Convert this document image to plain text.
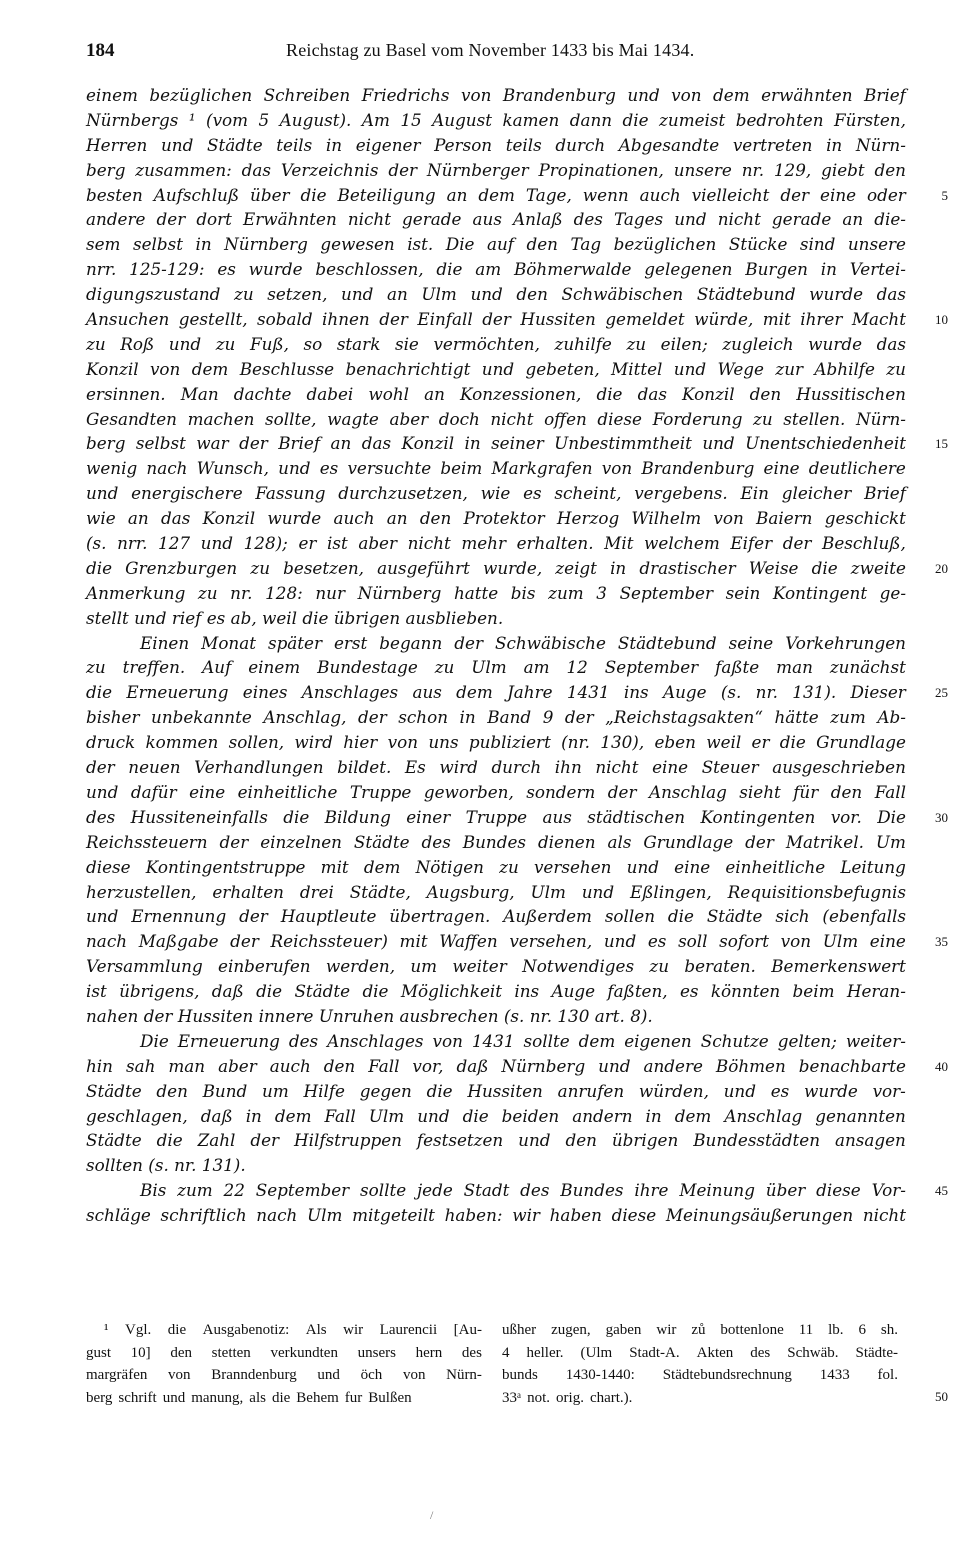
184	Reichstag zu Basel vom November 1433 bis Mai 1434.
einem bezüglichen Schreiben Friedrichs von Brandenburg und von dem erwähnten Brief
Nürnbergs ¹ (vom 5 August). Am 15 August kamen dann die zumeist bedrohten Fürsten,
Herren und Städte teils in eigener Person teils durch Abgesandte vertreten in Nürn-
berg zusammen: das Verzeichnis der Nürnberger Propinationen, unsere nr. 129, giebt den
besten Aufschluß über die Beteiligung an dem Tage, wenn auch vielleicht der eine oder	5
andere der dort Erwähnten nicht gerade aus Anlaß des Tages und nicht gerade an die-
sem selbst in Nürnberg gewesen ist. Die auf den Tag bezüglichen Stücke sind unsere
nrr. 125-129: es wurde beschlossen, die am Böhmerwalde gelegenen Burgen in Vertei-
digungszustand zu setzen, und an Ulm und den Schwäbischen Städtebund wurde das
Ansuchen gestellt, sobald ihnen der Einfall der Hussiten gemeldet würde, mit ihrer Macht 10
zu Roß und zu Fuß, so stark sie vermöchten, zuhilfe zu eilen; zugleich wurde das
Konzil von dem Beschlusse benachrichtigt und gebeten, Mittel und Wege zur Abhilfe zu
ersinnen. Man dachte dabei wohl an Konzessionen, die das Konzil den Hussitischen
Gesandten machen sollte, wagte aber doch nicht offen diese Forderung zu stellen. Nürn-
berg selbst war der Brief an das Konzil in seiner Unbestimmtheit und Unentschiedenheit 15
wenig nach Wunsch, und es versuchte beim Markgrafen von Brandenburg eine deutlichere
und energischere Fassung durchzusetzen, wie es scheint, vergebens. Ein gleicher Brief
wie an das Konzil wurde auch an den Protektor Herzog Wilhelm von Baiern geschickt
(s. nrr. 127 und 128); er ist aber nicht mehr erhalten. Mit welchem Eifer der Beschluß,
die Grenzburgen zu besetzen, ausgeführt wurde, zeigt in drastischer Weise die zweite 20
Anmerkung zu nr. 128: nur Nürnberg hatte bis zum 3 September sein Kontingent ge-
stellt und rief es ab, weil die übrigen ausblieben.
Einen Monat später erst begann der Schwäbische Städtebund seine Vorkehrungen
zu treffen. Auf einem Bundestage zu Ulm am 12 September faßte man zunächst
die Erneuerung eines Anschlages aus dem Jahre 1431 ins Auge (s. nr. 131). Dieser 25
bisher unbekannte Anschlag, der schon in Band 9 der „Reichstagsakten“ hätte zum Ab-
druck kommen sollen, wird hier von uns publiziert (nr. 130), eben weil er die Grundlage
der neuen Verhandlungen bildet. Es wird durch ihn nicht eine Steuer ausgeschrieben
und dafür eine einheitliche Truppe geworben, sondern der Anschlag sieht für den Fall
des Hussiteneinfalls die Bildung einer Truppe aus städtischen Kontingenten vor. Die 30
Reichssteuern der einzelnen Städte des Bundes dienen als Grundlage der Matrikel. Um
diese Kontingentstruppe mit dem Nötigen zu versehen und eine einheitliche Leitung
herzustellen, erhalten drei Städte, Augsburg, Ulm und Eßlingen, Requisitionsbefugnis
und Ernennung der Hauptleute übertragen. Außerdem sollen die Städte sich (ebenfalls
nach Maßgabe der Reichssteuer) mit Waffen versehen, und es soll sofort von Ulm eine 35
Versammlung einberufen werden, um weiter Notwendiges zu beraten. Bemerkenswert
ist übrigens, daß die Städte die Möglichkeit ins Auge faßten, es könnten beim Heran-
nahen der Hussiten innere Unruhen ausbrechen (s. nr. 130 art. 8).
Die Erneuerung des Anschlages von 1431 sollte dem eigenen Schutze gelten; weiter-
hin sah man aber auch den Fall vor, daß Nürnberg und andere Böhmen benachbarte 40
Städte den Bund um Hilfe gegen die Hussiten anrufen würden, und es wurde vor-
geschlagen, daß in dem Fall Ulm und die beiden andern in dem Anschlag genannten
Städte die Zahl der Hilfstruppen festsetzen und den übrigen Bundesstädten ansagen
sollten (s. nr. 131).
Bis zum 22 September sollte jede Stadt des Bundes ihre Meinung über diese Vor- 45
schläge schriftlich nach Ulm mitgeteilt haben: wir haben diese Meinungsäußerungen nicht
¹ Vgl. die Ausgabenotiz: Als wir Laurencii [Au-
gust 10] den stetten verkundten unsers hern des
margräfen von Branndenburg und öch von Nürn-
berg schrift und manung, als die Behem fur Bulßen
ußher zugen, gaben wir zů bottenlone 11 lb. 6 sh.
4 heller. (Ulm Stadt-A. Akten des Schwäb. Städte-
bunds 1430-1440: Städtebundsrechnung 1433 fol.
33ᵃ not. orig. chart.).	50
/
